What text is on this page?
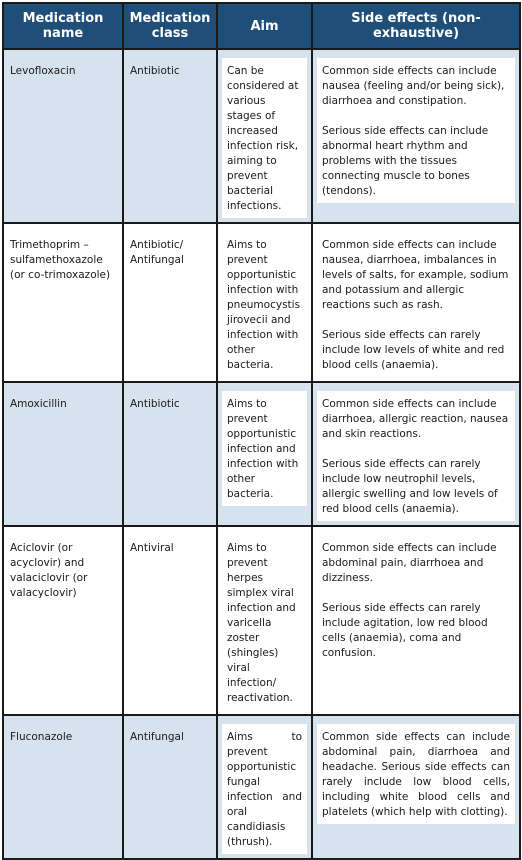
Medication name	Medication class	Aim	Side effects (non-exhaustive)
Levofloxacin	Antibiotic	Can be considered at various stages of increased infection risk, aiming to prevent bacterial infections.	Common side effects can include nausea (feeling and/or being sick), diarrhoea and constipation.
Serious side effects can include abnormal heart rhythm and problems with the tissues connecting muscle to bones (tendons).

Trimethoprim – sulfamethoxazole (or co-trimoxazole)	Antibiotic/ Antifungal	Aims to prevent opportunistic infection with pneumocystis jirovecii and infection with other bacteria.	Common side effects can include nausea, diarrhoea, imbalances in levels of salts, for example, sodium and potassium and allergic reactions such as rash.
Serious side effects can rarely include low levels of white and red blood cells (anaemia).

Amoxicillin	Antibiotic	Aims to prevent opportunistic infection and infection with other bacteria.	Common side effects can include diarrhoea, allergic reaction, nausea and skin reactions.
Serious side effects can rarely include low neutrophil levels, allergic swelling and low levels of red blood cells (anaemia).

Aciclovir (or acyclovir) and valaciclovir (or valacyclovir)	Antiviral	Aims to prevent herpes simplex viral infection and varicella zoster (shingles) viral infection/ reactivation.	Common side effects can include abdominal pain, diarrhoea and dizziness.
Serious side effects can rarely include agitation, low red blood cells (anaemia), coma and confusion.

Fluconazole	Antifungal	Aims to prevent opportunistic fungal infection and oral candidiasis (thrush).	Common side effects can include abdominal pain, diarrhoea and headache. Serious side effects can rarely include low blood cells, including white blood cells and platelets (which help with clotting).
